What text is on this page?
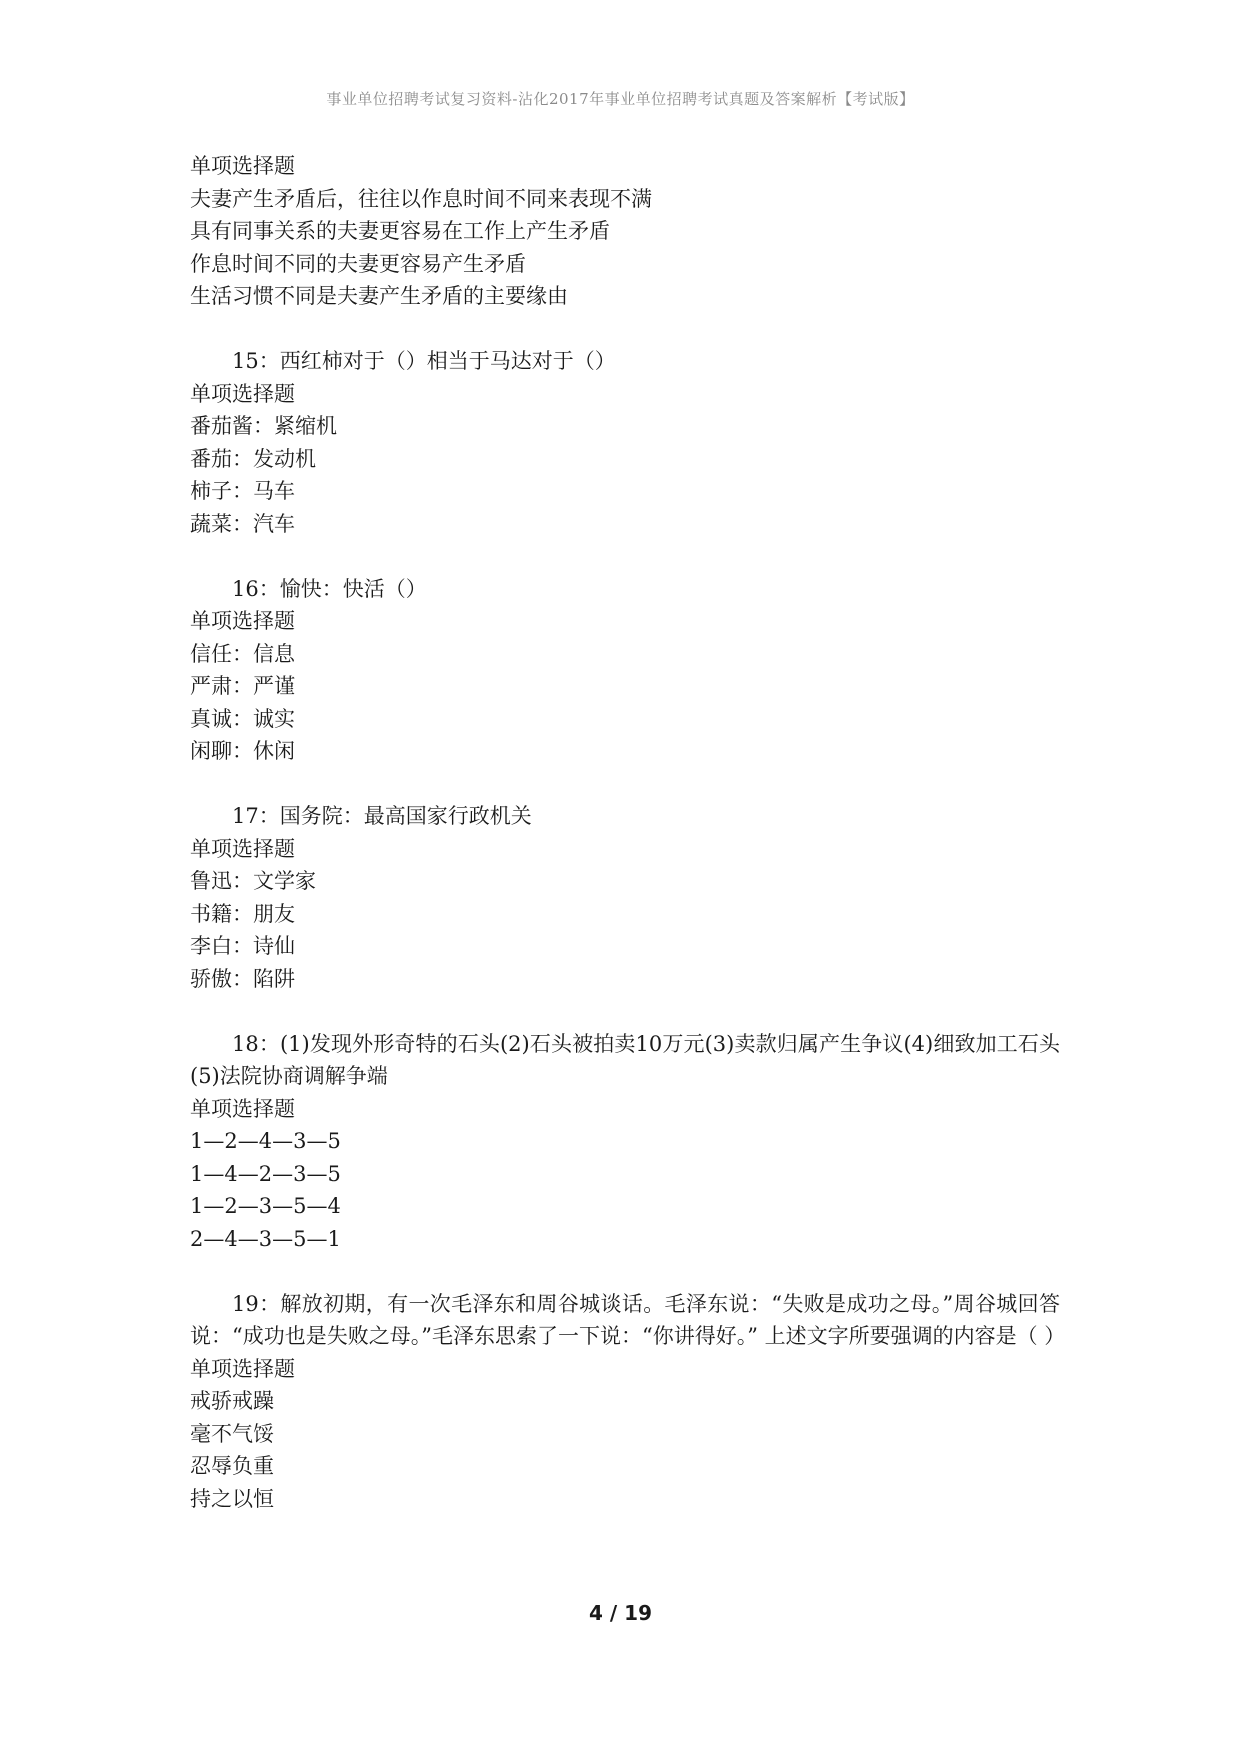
事业单位招聘考试复习资料-沾化2017年事业单位招聘考试真题及答案解析【考试版】

单项选择题

夫妻产生矛盾后，往往以作息时间不同来表现不满

具有同事关系的夫妻更容易在工作上产生矛盾

作息时间不同的夫妻更容易产生矛盾

生活习惯不同是夫妻产生矛盾的主要缘由

15：西红柿对于（）相当于马达对于（）

单项选择题

番茄酱：紧缩机

番茄：发动机

柿子：马车

蔬菜：汽车

16：愉快：快活（）

单项选择题

信任：信息

严肃：严谨

真诚：诚实

闲聊：休闲

17：国务院：最高国家行政机关

单项选择题

鲁迅：文学家

书籍：朋友

李白：诗仙

骄傲：陷阱

18：(1)发现外形奇特的石头(2)石头被拍卖10万元(3)卖款归属产生争议(4)细致加工石头(5)法院协商调解争端

单项选择题

1—2—4—3—5

1—4—2—3—5

1—2—3—5—4

2—4—3—5—1

19：解放初期，有一次毛泽东和周谷城谈话。毛泽东说：“失败是成功之母。”周谷城回答说：“成功也是失败之母。”毛泽东思索了一下说：“你讲得好。” 上述文字所要强调的内容是（ ）

单项选择题

戒骄戒躁

毫不气馁

忍辱负重

持之以恒

4 / 19
